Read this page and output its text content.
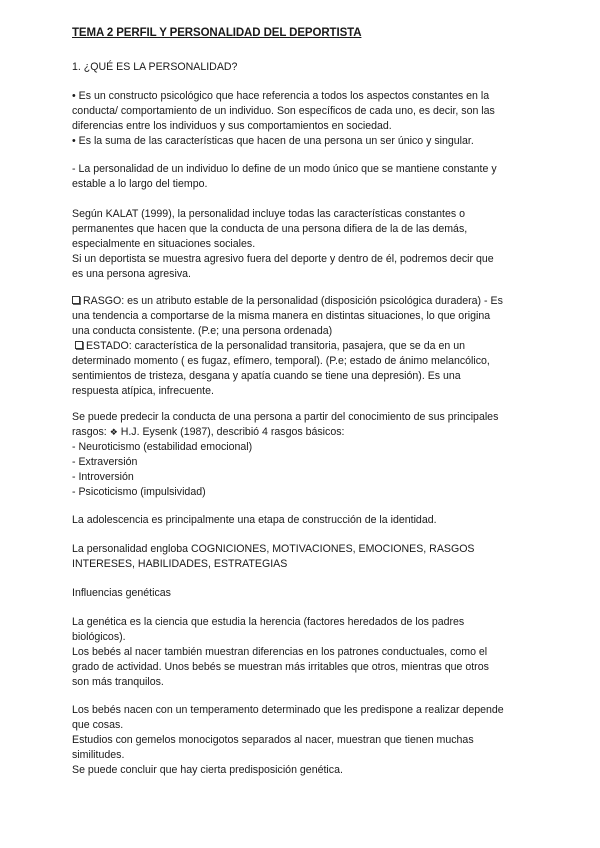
TEMA 2 PERFIL Y PERSONALIDAD DEL DEPORTISTA
1. ¿QUÉ ES LA PERSONALIDAD?
• Es un constructo psicológico que hace referencia a todos los aspectos constantes en la
conducta/ comportamiento de un individuo. Son específicos de cada uno, es decir, son las
diferencias entre los individuos y sus comportamientos en sociedad.
• Es la suma de las características que hacen de una persona un ser único y singular.
- La personalidad de un individuo lo define de un modo único que se mantiene constante y
estable a lo largo del tiempo.
Según KALAT (1999), la personalidad incluye todas las características constantes o
permanentes que hacen que la conducta de una persona difiera de la de las demás,
especialmente en situaciones sociales.
Si un deportista se muestra agresivo fuera del deporte y dentro de él, podremos decir que
es una persona agresiva.
RASGO: es un atributo estable de la personalidad (disposición psicológica duradera) - Es
una tendencia a comportarse de la misma manera en distintas situaciones, lo que origina
una conducta consistente. (P.e; una persona ordenada)
ESTADO: característica de la personalidad transitoria, pasajera, que se da en un
determinado momento ( es fugaz, efímero, temporal). (P.e; estado de ánimo melancólico,
sentimientos de tristeza, desgana y apatía cuando se tiene una depresión). Es una
respuesta atípica, infrecuente.
Se puede predecir la conducta de una persona a partir del conocimiento de sus principales
rasgos: ❖ H.J. Eysenk (1987), describió 4 rasgos básicos:
- Neuroticismo (estabilidad emocional)
- Extraversión
- Introversión
- Psicoticismo (impulsividad)
La adolescencia es principalmente una etapa de construcción de la identidad.
La personalidad engloba COGNICIONES, MOTIVACIONES, EMOCIONES, RASGOS
INTERESES, HABILIDADES, ESTRATEGIAS
Influencias genéticas
La genética es la ciencia que estudia la herencia (factores heredados de los padres
biológicos).
Los bebés al nacer también muestran diferencias en los patrones conductuales, como el
grado de actividad. Unos bebés se muestran más irritables que otros, mientras que otros
son más tranquilos.
Los bebés nacen con un temperamento determinado que les predispone a realizar depende
que cosas.
Estudios con gemelos monocigotos separados al nacer, muestran que tienen muchas
similitudes.
Se puede concluir que hay cierta predisposición genética.
